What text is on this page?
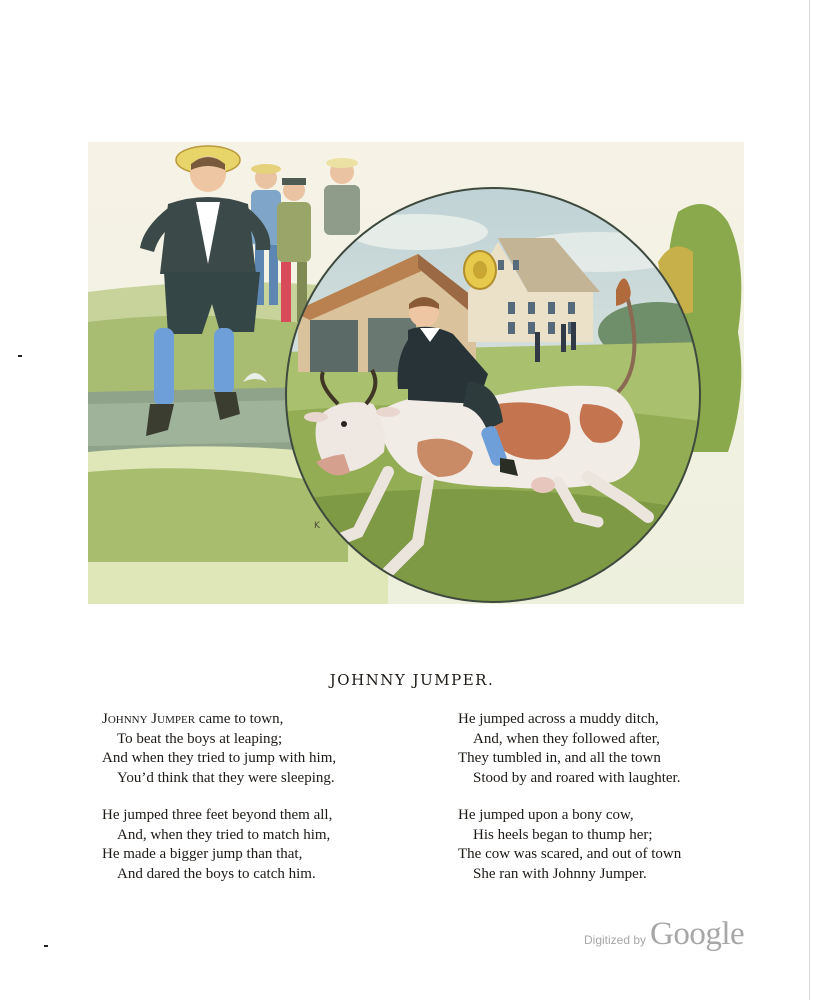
K
JOHNNY JUMPER.
Johnny Jumper came to town,
To beat the boys at leaping;
And when they tried to jump with him,
You’d think that they were sleeping.
He jumped three feet beyond them all,
And, when they tried to match him,
He made a bigger jump than that,
And dared the boys to catch him.
He jumped across a muddy ditch,
And, when they followed after,
They tumbled in, and all the town
Stood by and roared with laughter.
He jumped upon a bony cow,
His heels began to thump her;
The cow was scared, and out of town
She ran with Johnny Jumper.
Digitized by Google
